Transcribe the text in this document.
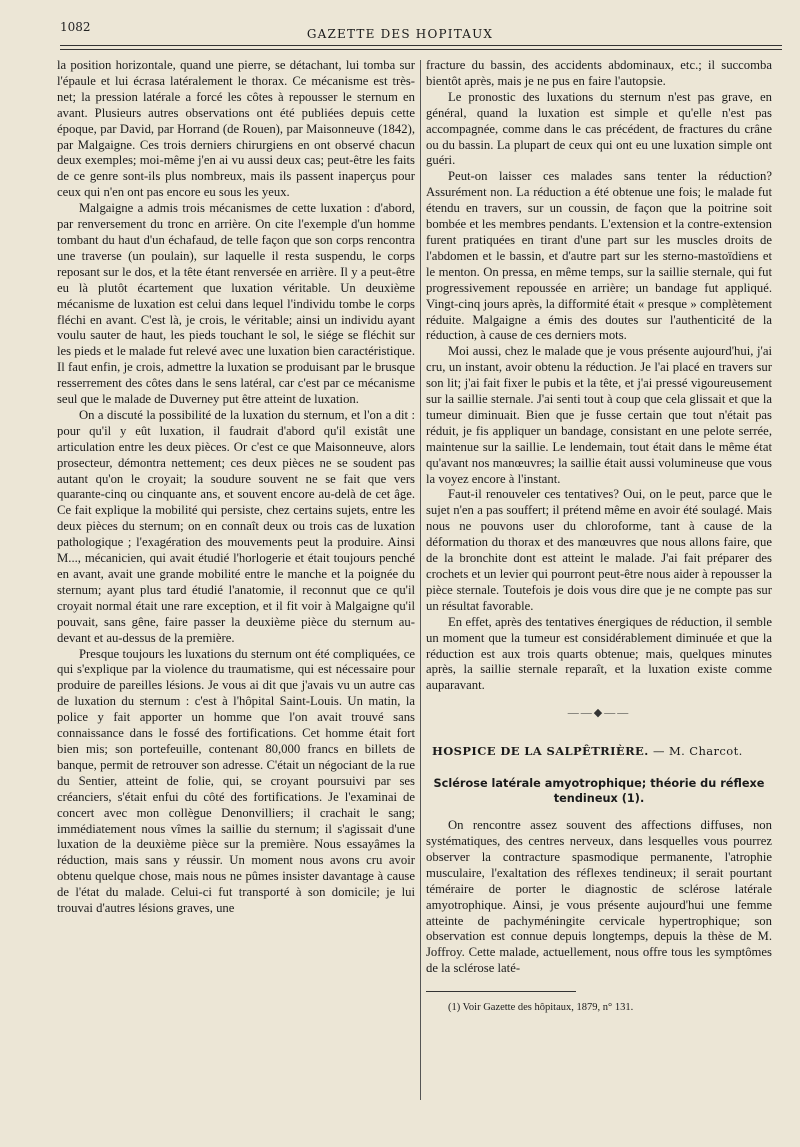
1082	GAZETTE DES HOPITAUX

la position horizontale, quand une pierre, se détachant, lui tomba sur l'épaule et lui écrasa latéralement le thorax. Ce mécanisme est très-net; la pression latérale a forcé les côtes à repousser le sternum en avant. Plusieurs autres observations ont été publiées depuis cette époque, par David, par Horrand (de Rouen), par Maisonneuve (1842), par Malgaigne. Ces trois derniers chirurgiens en ont observé chacun deux exemples; moi-même j'en ai vu aussi deux cas; peut-être les faits de ce genre sont-ils plus nombreux, mais ils passent inaperçus pour ceux qui n'en ont pas encore eu sous les yeux.

Malgaigne a admis trois mécanismes de cette luxation : d'abord, par renversement du tronc en arrière. On cite l'exemple d'un homme tombant du haut d'un échafaud, de telle façon que son corps rencontra une traverse (un poulain), sur laquelle il resta suspendu, le corps reposant sur le dos, et la tête étant renversée en arrière. Il y a peut-être eu là plutôt écartement que luxation véritable. Un deuxième mécanisme de luxation est celui dans lequel l'individu tombe le corps fléchi en avant. C'est là, je crois, le véritable; ainsi un individu ayant voulu sauter de haut, les pieds touchant le sol, le siége se fléchit sur les pieds et le malade fut relevé avec une luxation bien caractéristique. Il faut enfin, je crois, admettre la luxation se produisant par le brusque resserrement des côtes dans le sens latéral, car c'est par ce mécanisme seul que le malade de Duverney put être atteint de luxation.

On a discuté la possibilité de la luxation du sternum, et l'on a dit : pour qu'il y eût luxation, il faudrait d'abord qu'il existât une articulation entre les deux pièces. Or c'est ce que Maisonneuve, alors prosecteur, démontra nettement; ces deux pièces ne se soudent pas autant qu'on le croyait; la soudure souvent ne se fait que vers quarante-cinq ou cinquante ans, et souvent encore au-delà de cet âge. Ce fait explique la mobilité qui persiste, chez certains sujets, entre les deux pièces du sternum; on en connaît deux ou trois cas de luxation pathologique ; l'exagération des mouvements peut la produire. Ainsi M..., mécanicien, qui avait étudié l'horlogerie et était toujours penché en avant, avait une grande mobilité entre le manche et la poignée du sternum; ayant plus tard étudié l'anatomie, il reconnut que ce qu'il croyait normal était une rare exception, et il fit voir à Malgaigne qu'il pouvait, sans gêne, faire passer la deuxième pièce du sternum au-devant et au-dessus de la première.

Presque toujours les luxations du sternum ont été compliquées, ce qui s'explique par la violence du traumatisme, qui est nécessaire pour produire de pareilles lésions. Je vous ai dit que j'avais vu un autre cas de luxation du sternum : c'est à l'hôpital Saint-Louis. Un matin, la police y fait apporter un homme que l'on avait trouvé sans connaissance dans le fossé des fortifications. Cet homme était fort bien mis; son portefeuille, contenant 80,000 francs en billets de banque, permit de retrouver son adresse. C'était un négociant de la rue du Sentier, atteint de folie, qui, se croyant poursuivi par ses créanciers, s'était enfui du côté des fortifications. Je l'examinai de concert avec mon collègue Denonvilliers; il crachait le sang; immédiatement nous vîmes la saillie du sternum; il s'agissait d'une luxation de la deuxième pièce sur la première. Nous essayâmes la réduction, mais sans y réussir. Un moment nous avons cru avoir obtenu quelque chose, mais nous ne pûmes insister davantage à cause de l'état du malade. Celui-ci fut transporté à son domicile; je lui trouvai d'autres lésions graves, une

fracture du bassin, des accidents abdominaux, etc.; il succomba bientôt après, mais je ne pus en faire l'autopsie.

Le pronostic des luxations du sternum n'est pas grave, en général, quand la luxation est simple et qu'elle n'est pas accompagnée, comme dans le cas précédent, de fractures du crâne ou du bassin. La plupart de ceux qui ont eu une luxation simple ont guéri.

Peut-on laisser ces malades sans tenter la réduction? Assurément non. La réduction a été obtenue une fois; le malade fut étendu en travers, sur un coussin, de façon que la poitrine soit bombée et les membres pendants. L'extension et la contre-extension furent pratiquées en tirant d'une part sur les muscles droits de l'abdomen et le bassin, et d'autre part sur les sterno-mastoïdiens et le menton. On pressa, en même temps, sur la saillie sternale, qui fut progressivement repoussée en arrière; un bandage fut appliqué. Vingt-cinq jours après, la difformité était « presque » complètement réduite. Malgaigne a émis des doutes sur l'authenticité de la réduction, à cause de ces derniers mots.

Moi aussi, chez le malade que je vous présente aujourd'hui, j'ai cru, un instant, avoir obtenu la réduction. Je l'ai placé en travers sur son lit; j'ai fait fixer le pubis et la tête, et j'ai pressé vigoureusement sur la saillie sternale. J'ai senti tout à coup que cela glissait et que la tumeur diminuait. Bien que je fusse certain que tout n'était pas réduit, je fis appliquer un bandage, consistant en une pelote serrée, maintenue sur la saillie. Le lendemain, tout était dans le même état qu'avant nos manœuvres; la saillie était aussi volumineuse que vous la voyez encore à l'instant.

Faut-il renouveler ces tentatives? Oui, on le peut, parce que le sujet n'en a pas souffert; il prétend même en avoir été soulagé. Mais nous ne pouvons user du chloroforme, tant à cause de la déformation du thorax et des manœuvres que nous allons faire, que de la bronchite dont est atteint le malade. J'ai fait préparer des crochets et un levier qui pourront peut-être nous aider à repousser la pièce sternale. Toutefois je dois vous dire que je ne compte pas sur un résultat favorable.

En effet, après des tentatives énergiques de réduction, il semble un moment que la tumeur est considérablement diminuée et que la réduction est aux trois quarts obtenue; mais, quelques minutes après, la saillie sternale reparaît, et la luxation existe comme auparavant.

——◆——

HOSPICE DE LA SALPÊTRIÈRE. — M. Charcot.

Sclérose latérale amyotrophique; théorie du réflexe tendineux (1).

On rencontre assez souvent des affections diffuses, non systématiques, des centres nerveux, dans lesquelles vous pourrez observer la contracture spasmodique permanente, l'atrophie musculaire, l'exaltation des réflexes tendineux; il serait pourtant téméraire de porter le diagnostic de sclérose latérale amyotrophique. Ainsi, je vous présente aujourd'hui une femme atteinte de pachyméningite cervicale hypertrophique; son observation est connue depuis longtemps, depuis la thèse de M. Joffroy. Cette malade, actuellement, nous offre tous les symptômes de la sclérose laté-

(1) Voir Gazette des hôpitaux, 1879, n° 131.
